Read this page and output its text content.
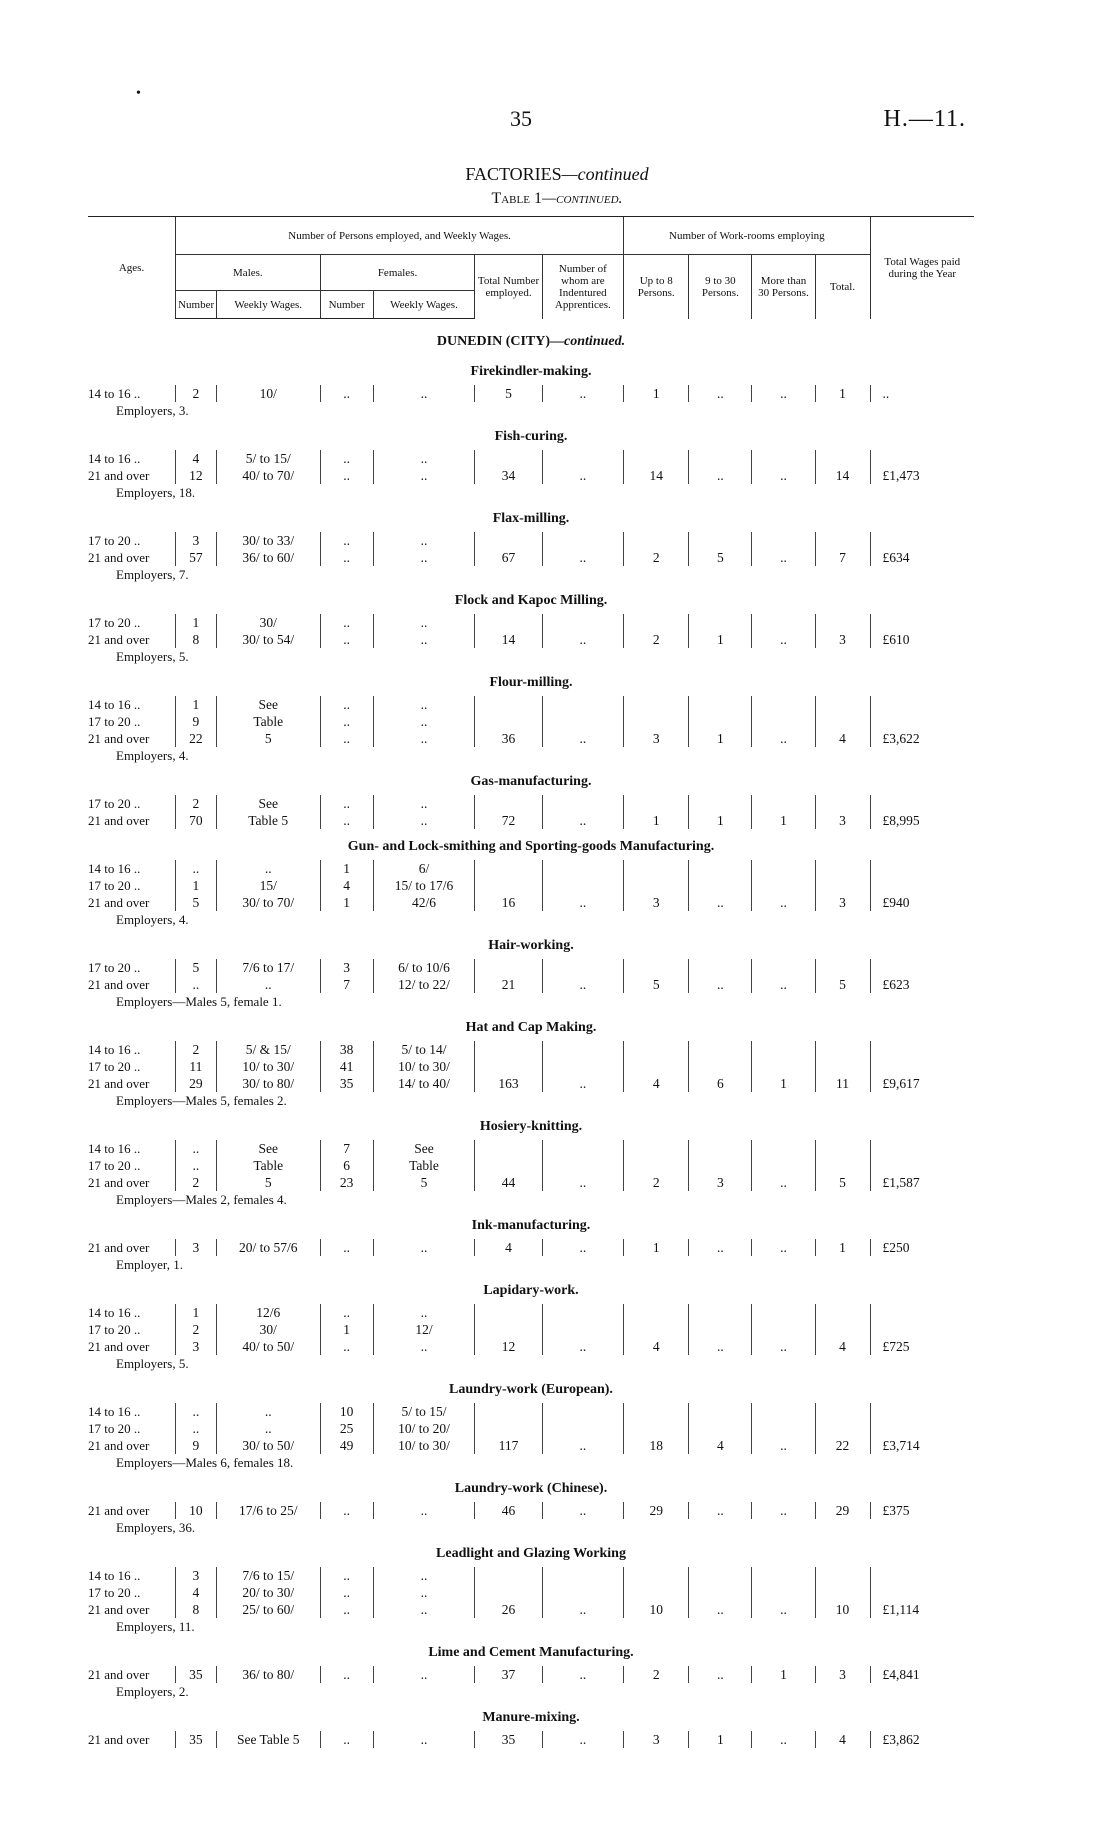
•
35	H.—11.
FACTORIES—continued
Table 1—continued.
Ages.	Number of Persons employed, and Weekly Wages.						Number of Work-rooms employing				Total Wages paid during the Year
	Males.		Females.		Total Number employed.	Number of whom are Indentured Apprentices.	Up to 8 Persons.	9 to 30 Persons.	More than 30 Persons.	Total.	
	Number	Weekly Wages.	Number	Weekly Wages.							
DUNEDIN (CITY)—continued.											
Firekindler-making.											
14 to 16 ..	2	10/	..	..	5	..	1	..	..	1	..
Employers, 3.											
Fish-curing.											
14 to 16 ..	4	5/ to 15/	..	..	34	..	14	..	..	14	£1,473
21 and over	12	40/ to 70/	..	..							
Employers, 18.											
Flax-milling.											
17 to 20 ..	3	30/ to 33/	..	..	67	..	2	5	..	7	£634
21 and over	57	36/ to 60/	..	..							
Employers, 7.											
Flock and Kapoc Milling.											
17 to 20 ..	1	30/	..	..	14	..	2	1	..	3	£610
21 and over	8	30/ to 54/	..	..							
Employers, 5.											
Flour-milling.											
14 to 16 ..	1	See	..	..	36	..	3	1	..	4	£3,622
17 to 20 ..	9	Table	..	..							
21 and over	22	5	..	..							
Employers, 4.											
Gas-manufacturing.											
17 to 20 ..	2	See	..	..	72	..	1	1	1	3	£8,995
21 and over	70	Table 5	..	..							
Gun- and Lock-smithing and Sporting-goods Manufacturing.											
14 to 16 ..	..	..	1	6/	16	..	3	..	..	3	£940
17 to 20 ..	1	15/	4	15/ to 17/6							
21 and over	5	30/ to 70/	1	42/6							
Employers, 4.											
Hair-working.											
17 to 20 ..	5	7/6 to 17/	3	6/ to 10/6	21	..	5	..	..	5	£623
21 and over	..	..	7	12/ to 22/							
Employers—Males 5, female 1.											
Hat and Cap Making.											
14 to 16 ..	2	5/ & 15/	38	5/ to 14/	163	..	4	6	1	11	£9,617
17 to 20 ..	11	10/ to 30/	41	10/ to 30/							
21 and over	29	30/ to 80/	35	14/ to 40/							
Employers—Males 5, females 2.											
Hosiery-knitting.											
14 to 16 ..	..	See	7	See	44	..	2	3	..	5	£1,587
17 to 20 ..	..	Table	6	Table							
21 and over	2	5	23	5							
Employers—Males 2, females 4.											
Ink-manufacturing.											
21 and over	3	20/ to 57/6	..	..	4	..	1	..	..	1	£250
Employer, 1.											
Lapidary-work.											
14 to 16 ..	1	12/6	..	..	12	..	4	..	..	4	£725
17 to 20 ..	2	30/	1	12/							
21 and over	3	40/ to 50/	..	..							
Employers, 5.											
Laundry-work (European).											
14 to 16 ..	..	..	10	5/ to 15/	117	..	18	4	..	22	£3,714
17 to 20 ..	..	..	25	10/ to 20/							
21 and over	9	30/ to 50/	49	10/ to 30/							
Employers—Males 6, females 18.											
Laundry-work (Chinese).											
21 and over	10	17/6 to 25/	..	..	46	..	29	..	..	29	£375
Employers, 36.											
Leadlight and Glazing Working											
14 to 16 ..	3	7/6 to 15/	..	..	26	..	10	..	..	10	£1,114
17 to 20 ..	4	20/ to 30/	..	..							
21 and over	8	25/ to 60/	..	..							
Employers, 11.											
Lime and Cement Manufacturing.											
21 and over	35	36/ to 80/	..	..	37	..	2	..	1	3	£4,841
Employers, 2.											
Manure-mixing.											
21 and over	35	See Table 5	..	..	35	..	3	1	..	4	£3,862
